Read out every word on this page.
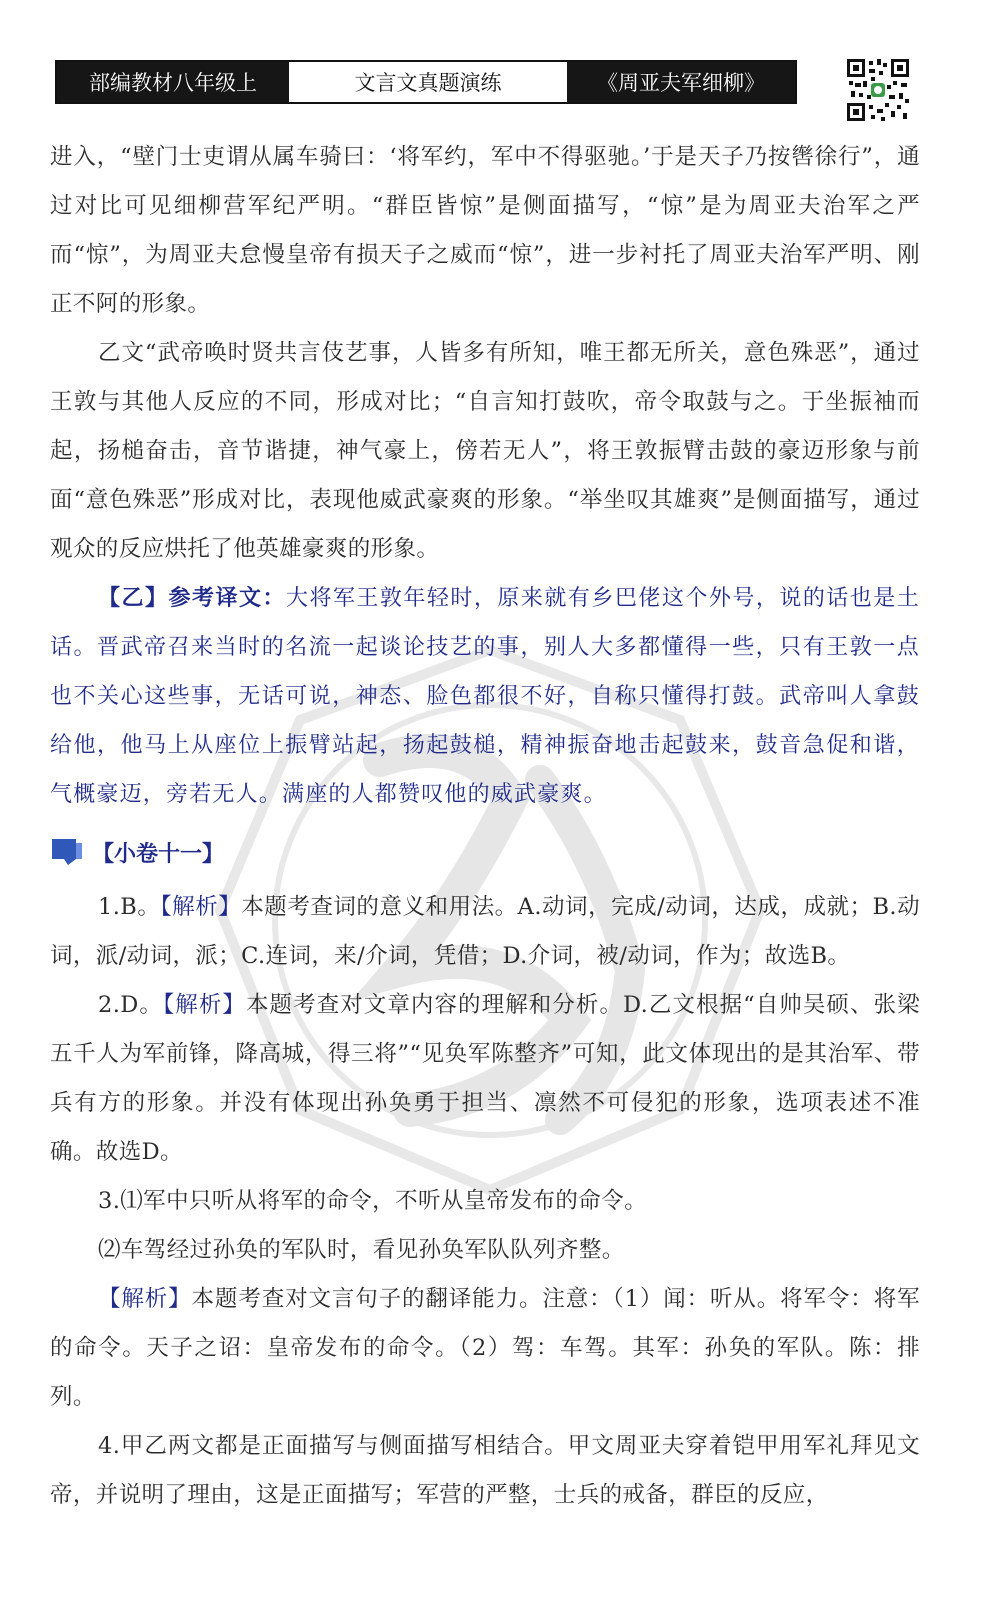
部编教材八年级上	文言文真题演练	《周亚夫军细柳》

进入，“壁门士吏谓从属车骑曰：‘将军约，军中不得驱驰。’于是天子乃按辔徐行”，通过对比可见细柳营军纪严明。“群臣皆惊”是侧面描写，“惊”是为周亚夫治军之严而“惊”，为周亚夫怠慢皇帝有损天子之威而“惊”，进一步衬托了周亚夫治军严明、刚正不阿的形象。

乙文“武帝唤时贤共言伎艺事，人皆多有所知，唯王都无所关，意色殊恶”，通过王敦与其他人反应的不同，形成对比；“自言知打鼓吹，帝令取鼓与之。于坐振袖而起，扬槌奋击，音节谐捷，神气豪上，傍若无人”，将王敦振臂击鼓的豪迈形象与前面“意色殊恶”形成对比，表现他威武豪爽的形象。“举坐叹其雄爽”是侧面描写，通过观众的反应烘托了他英雄豪爽的形象。

【乙】参考译文：大将军王敦年轻时，原来就有乡巴佬这个外号，说的话也是土话。晋武帝召来当时的名流一起谈论技艺的事，别人大多都懂得一些，只有王敦一点也不关心这些事，无话可说，神态、脸色都很不好，自称只懂得打鼓。武帝叫人拿鼓给他，他马上从座位上振臂站起，扬起鼓槌，精神振奋地击起鼓来，鼓音急促和谐，气概豪迈，旁若无人。满座的人都赞叹他的威武豪爽。

【小卷十一】

1.B。【解析】本题考查词的意义和用法。A.动词，完成/动词，达成，成就；B.动词，派/动词，派；C.连词，来/介词，凭借；D.介词，被/动词，作为；故选B。

2.D。【解析】本题考查对文章内容的理解和分析。D.乙文根据“自帅吴硕、张梁五千人为军前锋，降高城，得三将”“见奂军陈整齐”可知，此文体现出的是其治军、带兵有方的形象。并没有体现出孙奂勇于担当、凛然不可侵犯的形象，选项表述不准确。故选D。

3.⑴军中只听从将军的命令，不听从皇帝发布的命令。

⑵车驾经过孙奂的军队时，看见孙奂军队队列齐整。

【解析】本题考查对文言句子的翻译能力。注意：（1）闻：听从。将军令：将军的命令。天子之诏：皇帝发布的命令。（2）驾：车驾。其军：孙奂的军队。陈：排列。

4.甲乙两文都是正面描写与侧面描写相结合。甲文周亚夫穿着铠甲用军礼拜见文帝，并说明了理由，这是正面描写；军营的严整，士兵的戒备，群臣的反应，
